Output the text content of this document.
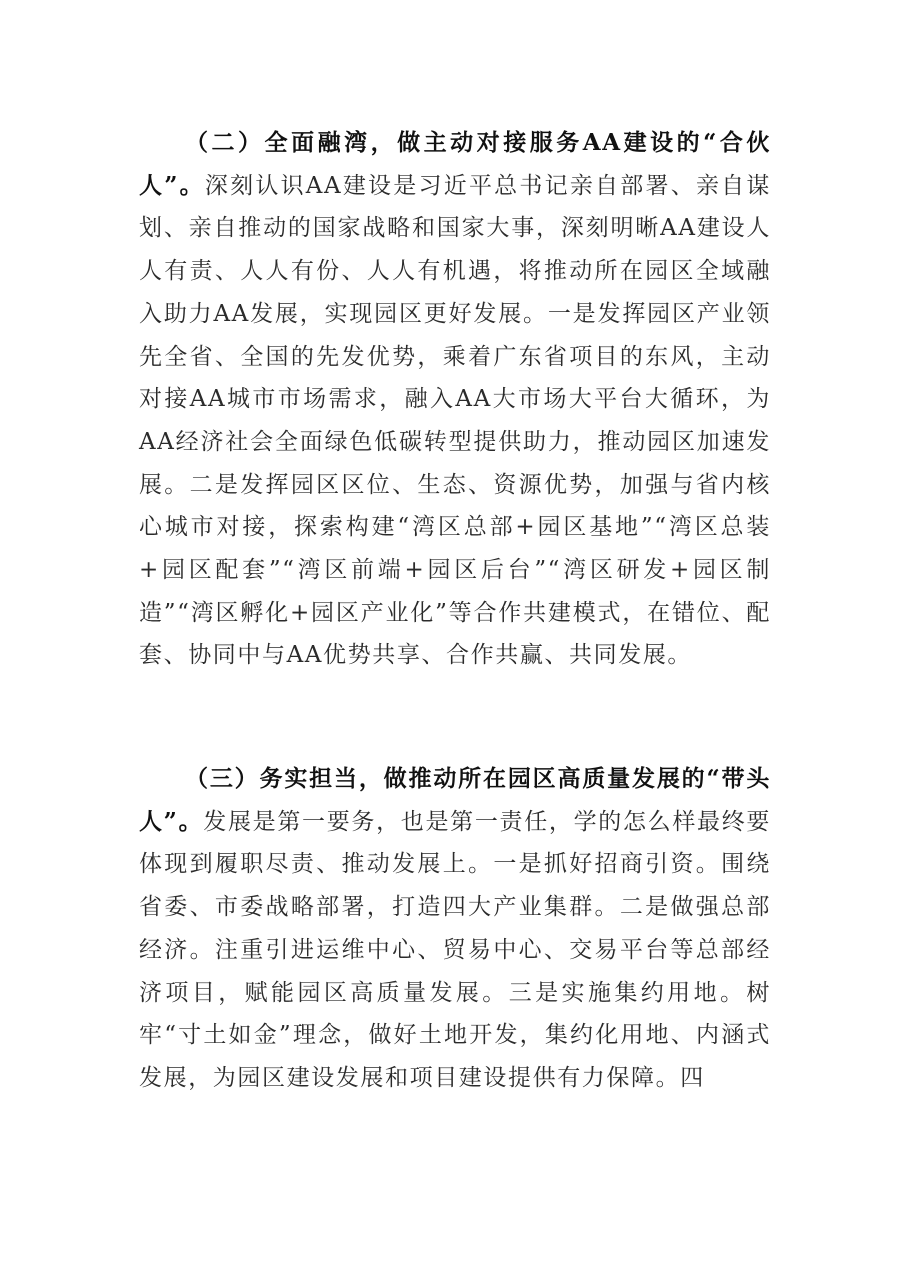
（二）全面融湾，做主动对接服务AA建设的“合伙人”。深刻认识AA建设是习近平总书记亲自部署、亲自谋划、亲自推动的国家战略和国家大事，深刻明晰AA建设人人有责、人人有份、人人有机遇，将推动所在园区全域融入助力AA发展，实现园区更好发展。一是发挥园区产业领先全省、全国的先发优势，乘着广东省项目的东风，主动对接AA城市市场需求，融入AA大市场大平台大循环，为AA经济社会全面绿色低碳转型提供助力，推动园区加速发展。二是发挥园区区位、生态、资源优势，加强与省内核心城市对接，探索构建“湾区总部+园区基地”“湾区总装+园区配套”“湾区前端+园区后台”“湾区研发+园区制造”“湾区孵化+园区产业化”等合作共建模式，在错位、配套、协同中与AA优势共享、合作共赢、共同发展。

（三）务实担当，做推动所在园区高质量发展的“带头人”。发展是第一要务，也是第一责任，学的怎么样最终要体现到履职尽责、推动发展上。一是抓好招商引资。围绕省委、市委战略部署，打造四大产业集群。二是做强总部经济。注重引进运维中心、贸易中心、交易平台等总部经济项目，赋能园区高质量发展。三是实施集约用地。树牢“寸土如金”理念，做好土地开发，集约化用地、内涵式发展，为园区建设发展和项目建设提供有力保障。四
